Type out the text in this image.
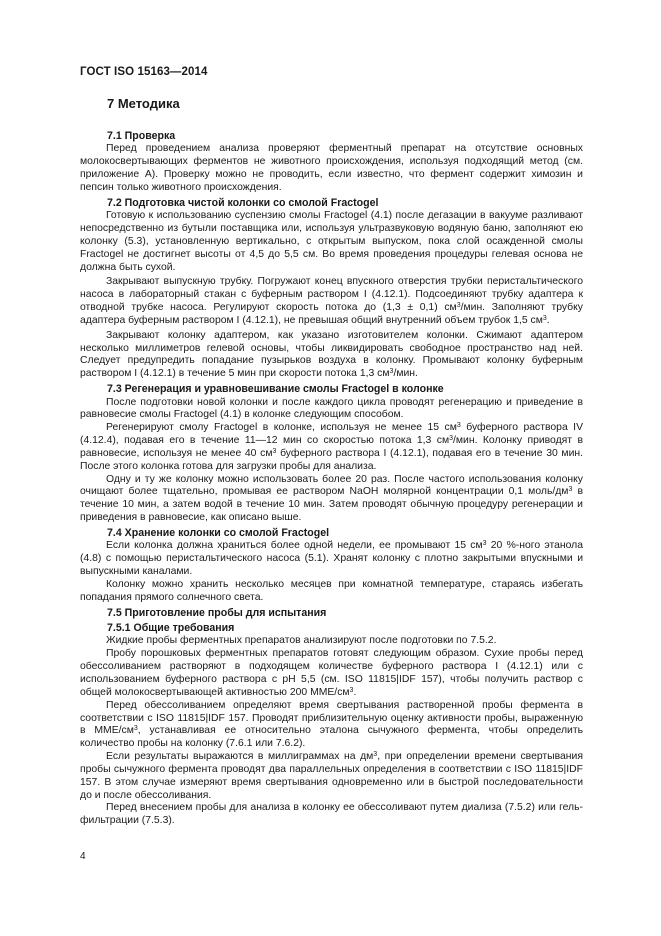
ГОСТ ISO 15163—2014
7 Методика
7.1 Проверка

Перед проведением анализа проверяют ферментный препарат на отсутствие основных молокосвертывающих ферментов не животного происхождения, используя подходящий метод (см. приложение А). Проверку можно не проводить, если известно, что фермент содержит химозин и пепсин только животного происхождения.

7.2 Подготовка чистой колонки со смолой Fractogel

Готовую к использованию суспензию смолы Fractogel (4.1) после дегазации в вакууме разливают непосредственно из бутыли поставщика или, используя ультразвуковую водяную баню, заполняют ею колонку (5.3), установленную вертикально, с открытым выпуском, пока слой осажденной смолы Fractogel не достигнет высоты от 4,5 до 5,5 см. Во время проведения процедуры гелевая основа не должна быть сухой.

Закрывают выпускную трубку. Погружают конец впускного отверстия трубки перистальтического насоса в лабораторный стакан с буферным раствором I (4.12.1). Подсоединяют трубку адаптера к отводной трубке насоса. Регулируют скорость потока до (1,3 ± 0,1) $см^3$/мин. Заполняют трубку адаптера буферным раствором I (4.12.1), не превышая общий внутренний объем трубок 1,5 $см^3$.

Закрывают колонку адаптером, как указано изготовителем колонки. Сжимают адаптером несколько миллиметров гелевой основы, чтобы ликвидировать свободное пространство над ней. Следует предупредить попадание пузырьков воздуха в колонку. Промывают колонку буферным раствором I (4.12.1) в течение 5 мин при скорости потока 1,3 $см^3$/мин.

7.3 Регенерация и уравновешивание смолы Fractogel в колонке

После подготовки новой колонки и после каждого цикла проводят регенерацию и приведение в равновесие смолы Fractogel (4.1) в колонке следующим способом.

Регенерируют смолу Fractogel в колонке, используя не менее 15 $см^3$ буферного раствора IV (4.12.4), подавая его в течение 11—12 мин со скоростью потока 1,3 $см^3$/мин. Колонку приводят в равновесие, используя не менее 40 $см^3$ буферного раствора I (4.12.1), подавая его в течение 30 мин. После этого колонка готова для загрузки пробы для анализа.

Одну и ту же колонку можно использовать более 20 раз. После частого использования колонку очищают более тщательно, промывая ее раствором NaOH молярной концентрации 0,1 моль/$дм^3$ в течение 10 мин, а затем водой в течение 10 мин. Затем проводят обычную процедуру регенерации и приведения в равновесие, как описано выше.

7.4 Хранение колонки со смолой Fractogel

Если колонка должна храниться более одной недели, ее промывают 15 $см^3$ 20 %-ного этанола (4.8) с помощью перистальтического насоса (5.1). Хранят колонку с плотно закрытыми впускными и выпускными каналами.

Колонку можно хранить несколько месяцев при комнатной температуре, стараясь избегать попадания прямого солнечного света.

7.5 Приготовление пробы для испытания
7.5.1 Общие требования

Жидкие пробы ферментных препаратов анализируют после подготовки по 7.5.2.

Пробу порошковых ферментных препаратов готовят следующим образом. Сухие пробы перед обессоливанием растворяют в подходящем количестве буферного раствора I (4.12.1) или с использованием буферного раствора с pH 5,5 (см. ISO 11815|IDF 157), чтобы получить раствор с общей молокосвертывающей активностью 200 ММЕ/$см^3$.

Перед обессоливанием определяют время свертывания растворенной пробы фермента в соответствии с ISO 11815|IDF 157. Проводят приблизительную оценку активности пробы, выраженную в ММЕ/$см^3$, устанавливая ее относительно эталона сычужного фермента, чтобы определить количество пробы на колонку (7.6.1 или 7.6.2).

Если результаты выражаются в миллиграммах на $дм^3$, при определении времени свертывания пробы сычужного фермента проводят два параллельных определения в соответствии с ISO 11815|IDF 157. В этом случае измеряют время свертывания одновременно или в быстрой последовательности до и после обессоливания.

Перед внесением пробы для анализа в колонку ее обессоливают путем диализа (7.5.2) или гель-фильтрации (7.5.3).

4
